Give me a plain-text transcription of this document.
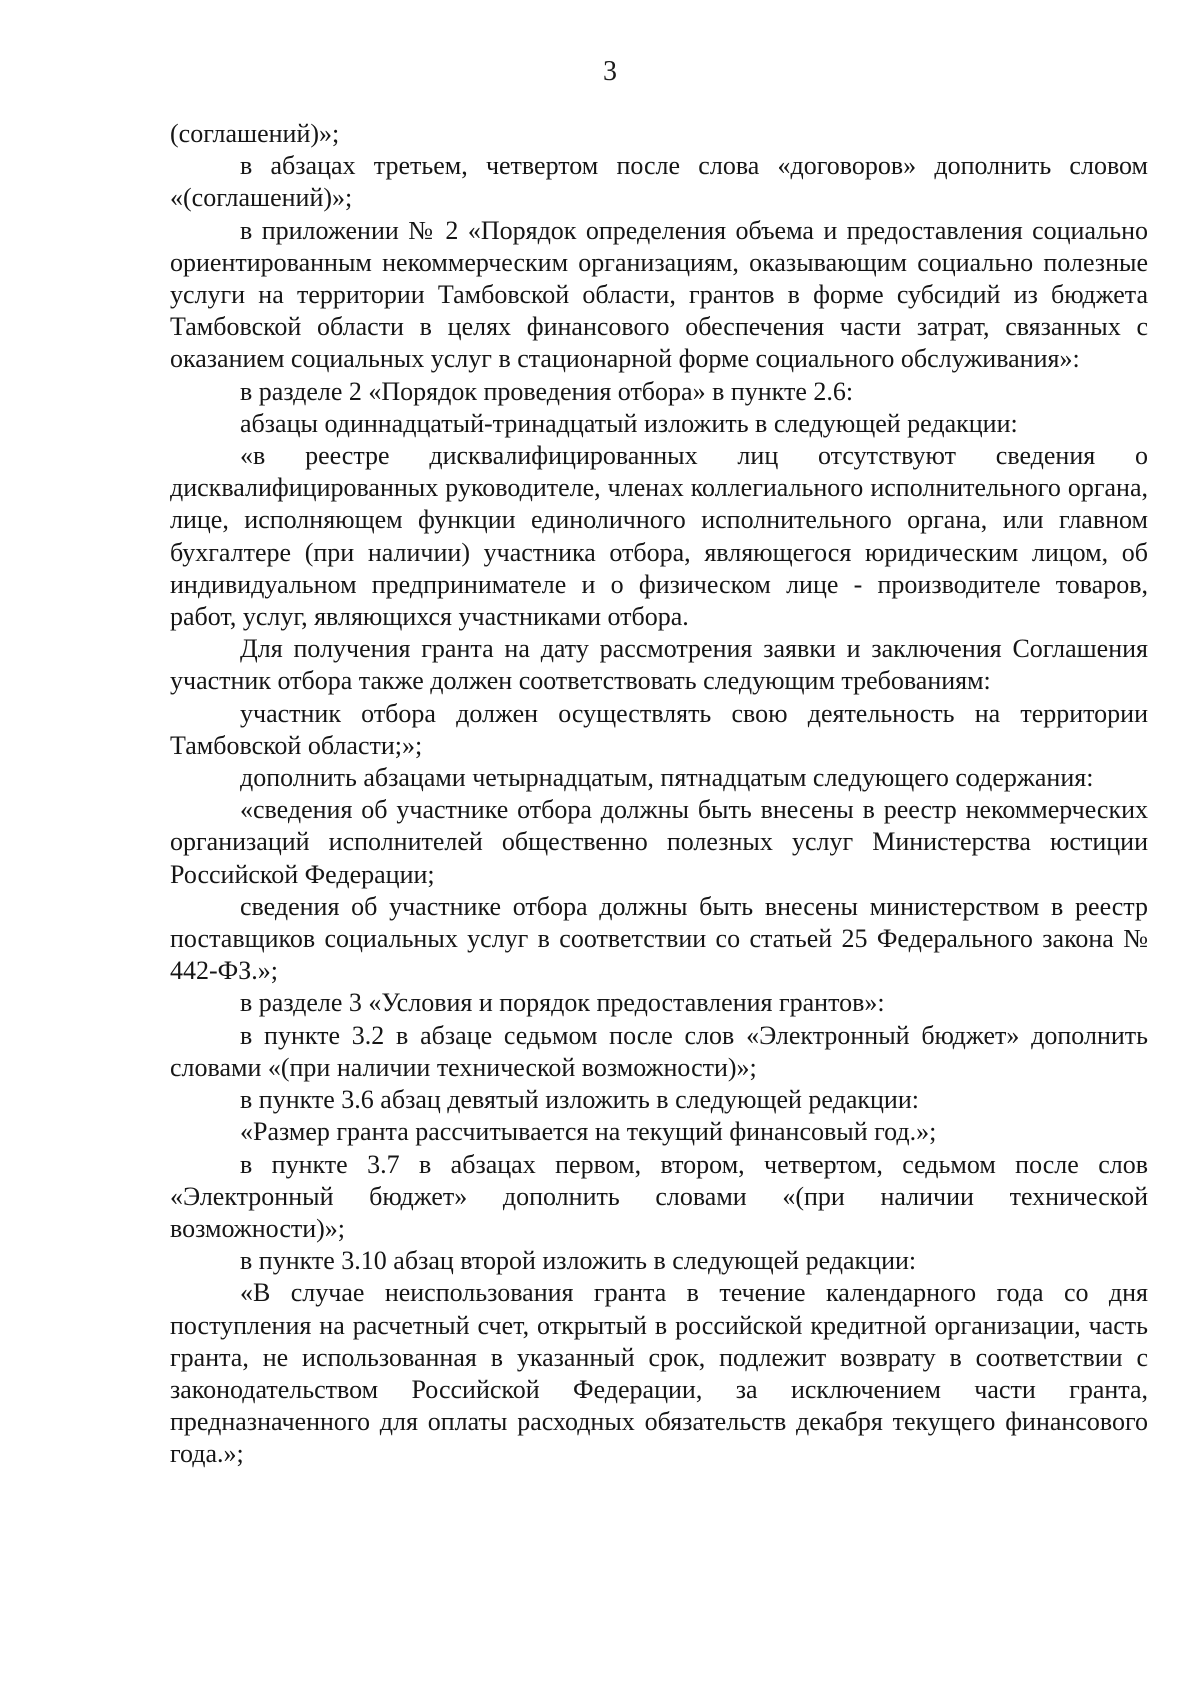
3

(соглашений)»;

в абзацах третьем, четвертом после слова «договоров» дополнить словом «(соглашений)»;

в приложении № 2 «Порядок определения объема и предоставления социально ориентированным некоммерческим организациям, оказывающим социально полезные услуги на территории Тамбовской области, грантов в форме субсидий из бюджета Тамбовской области в целях финансового обеспечения части затрат, связанных с оказанием социальных услуг в стационарной форме социального обслуживания»:

в разделе 2 «Порядок проведения отбора» в пункте 2.6:

абзацы одиннадцатый-тринадцатый изложить в следующей редакции:

«в реестре дисквалифицированных лиц отсутствуют сведения о дисквалифицированных руководителе, членах коллегиального исполнительного органа, лице, исполняющем функции единоличного исполнительного органа, или главном бухгалтере (при наличии) участника отбора, являющегося юридическим лицом, об индивидуальном предпринимателе и о физическом лице - производителе товаров, работ, услуг, являющихся участниками отбора.

Для получения гранта на дату рассмотрения заявки и заключения Соглашения участник отбора также должен соответствовать следующим требованиям:

участник отбора должен осуществлять свою деятельность на территории Тамбовской области;»;

дополнить абзацами четырнадцатым, пятнадцатым следующего содержания:

«сведения об участнике отбора должны быть внесены в реестр некоммерческих организаций исполнителей общественно полезных услуг Министерства юстиции Российской Федерации;

сведения об участнике отбора должны быть внесены министерством в реестр поставщиков социальных услуг в соответствии со статьей 25 Федерального закона № 442-ФЗ.»;

в разделе 3 «Условия и порядок предоставления грантов»:

в пункте 3.2 в абзаце седьмом после слов «Электронный бюджет» дополнить словами «(при наличии технической возможности)»;

в пункте 3.6 абзац девятый изложить в следующей редакции:

«Размер гранта рассчитывается на текущий финансовый год.»;

в пункте 3.7 в абзацах первом, втором, четвертом, седьмом после слов «Электронный бюджет» дополнить словами «(при наличии технической возможности)»;

в пункте 3.10 абзац второй изложить в следующей редакции:

«В случае неиспользования гранта в течение календарного года со дня поступления на расчетный счет, открытый в российской кредитной организации, часть гранта, не использованная в указанный срок, подлежит возврату в соответствии с законодательством Российской Федерации, за исключением части гранта, предназначенного для оплаты расходных обязательств декабря текущего финансового года.»;
